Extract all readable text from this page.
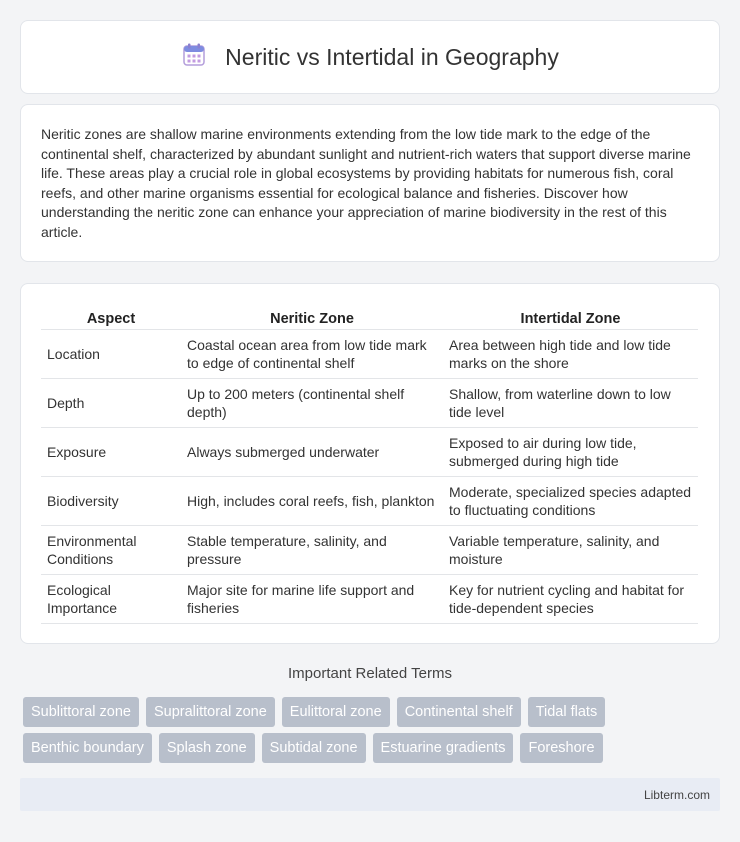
Neritic vs Intertidal in Geography

Neritic zones are shallow marine environments extending from the low tide mark to the edge of the continental shelf, characterized by abundant sunlight and nutrient-rich waters that support diverse marine life. These areas play a crucial role in global ecosystems by providing habitats for numerous fish, coral reefs, and other marine organisms essential for ecological balance and fisheries. Discover how understanding the neritic zone can enhance your appreciation of marine biodiversity in the rest of this article.

Aspect	Neritic Zone	Intertidal Zone
Location	Coastal ocean area from low tide mark to edge of continental shelf	Area between high tide and low tide marks on the shore
Depth	Up to 200 meters (continental shelf depth)	Shallow, from waterline down to low tide level
Exposure	Always submerged underwater	Exposed to air during low tide, submerged during high tide
Biodiversity	High, includes coral reefs, fish, plankton	Moderate, specialized species adapted to fluctuating conditions
Environmental Conditions	Stable temperature, salinity, and pressure	Variable temperature, salinity, and moisture
Ecological Importance	Major site for marine life support and fisheries	Key for nutrient cycling and habitat for tide-dependent species
Important Related Terms
Sublittoral zone	Supralittoral zone	Eulittoral zone	Continental shelf	Tidal flats
Benthic boundary	Splash zone	Subtidal zone	Estuarine gradients	Foreshore
Libterm.com
